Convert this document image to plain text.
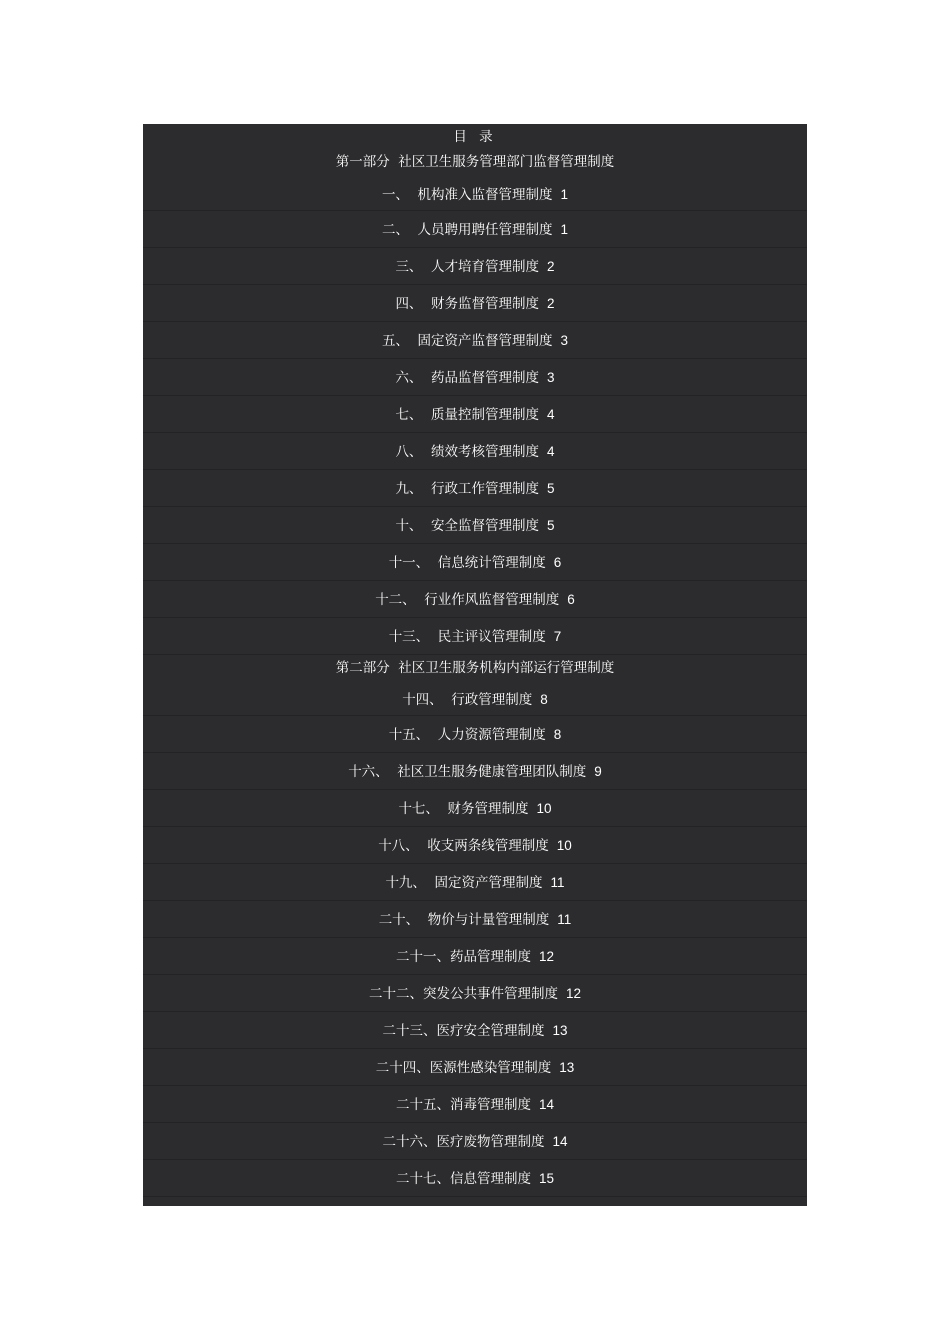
目 录
第一部分  社区卫生服务管理部门监督管理制度
一、  机构准入监督管理制度 1
二、  人员聘用聘任管理制度 1
三、  人才培育管理制度 2
四、  财务监督管理制度 2
五、  固定资产监督管理制度 3
六、  药品监督管理制度 3
七、  质量控制管理制度 4
八、  绩效考核管理制度 4
九、  行政工作管理制度 5
十、  安全监督管理制度 5
十一、  信息统计管理制度 6
十二、  行业作风监督管理制度 6
十三、  民主评议管理制度 7
第二部分  社区卫生服务机构内部运行管理制度
十四、  行政管理制度 8
十五、  人力资源管理制度 8
十六、  社区卫生服务健康管理团队制度 9
十七、  财务管理制度 10
十八、  收支两条线管理制度 10
十九、  固定资产管理制度 11
二十、  物价与计量管理制度 11
二十一、药品管理制度 12
二十二、突发公共事件管理制度 12
二十三、医疗安全管理制度 13
二十四、医源性感染管理制度 13
二十五、消毒管理制度 14
二十六、医疗废物管理制度 14
二十七、信息管理制度 15
